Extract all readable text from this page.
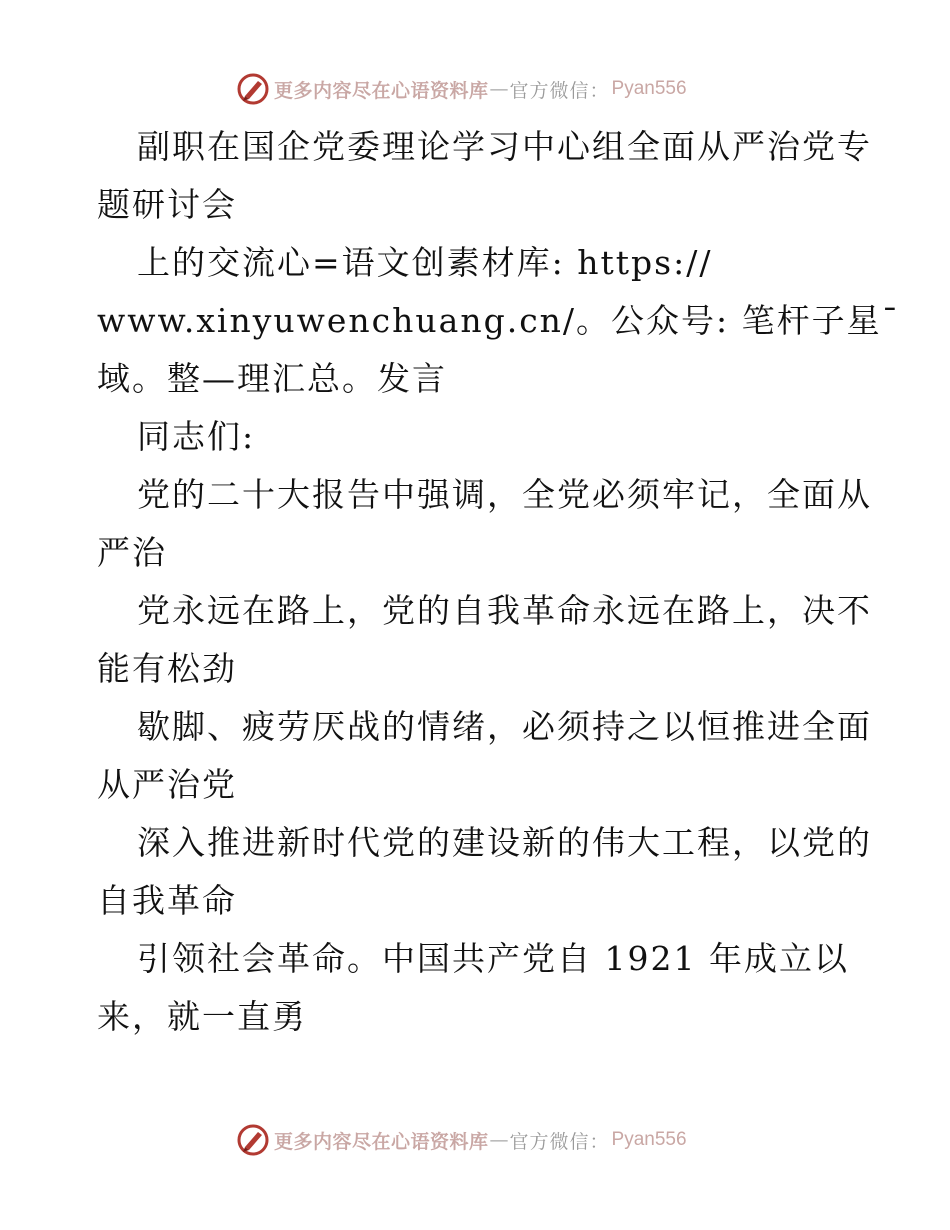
更多内容尽在心语资料库 — 官方微信： Pyan556
副职在国企党委理论学习中心组全面从严治党专
题研讨会
上的交流心=语文创素材库: https://
www.xinyuwenchuang.cn/。公众号: 笔杆子星¯
域。整—理汇总。发言
同志们:
党的二十大报告中强调，全党必须牢记，全面从
严治
党永远在路上，党的自我革命永远在路上，决不
能有松劲
歇脚、疲劳厌战的情绪，必须持之以恒推进全面
从严治党
深入推进新时代党的建设新的伟大工程，以党的
自我革命
引领社会革命。中国共产党自 1921 年成立以
来，就一直勇
更多内容尽在心语资料库 — 官方微信： Pyan556
